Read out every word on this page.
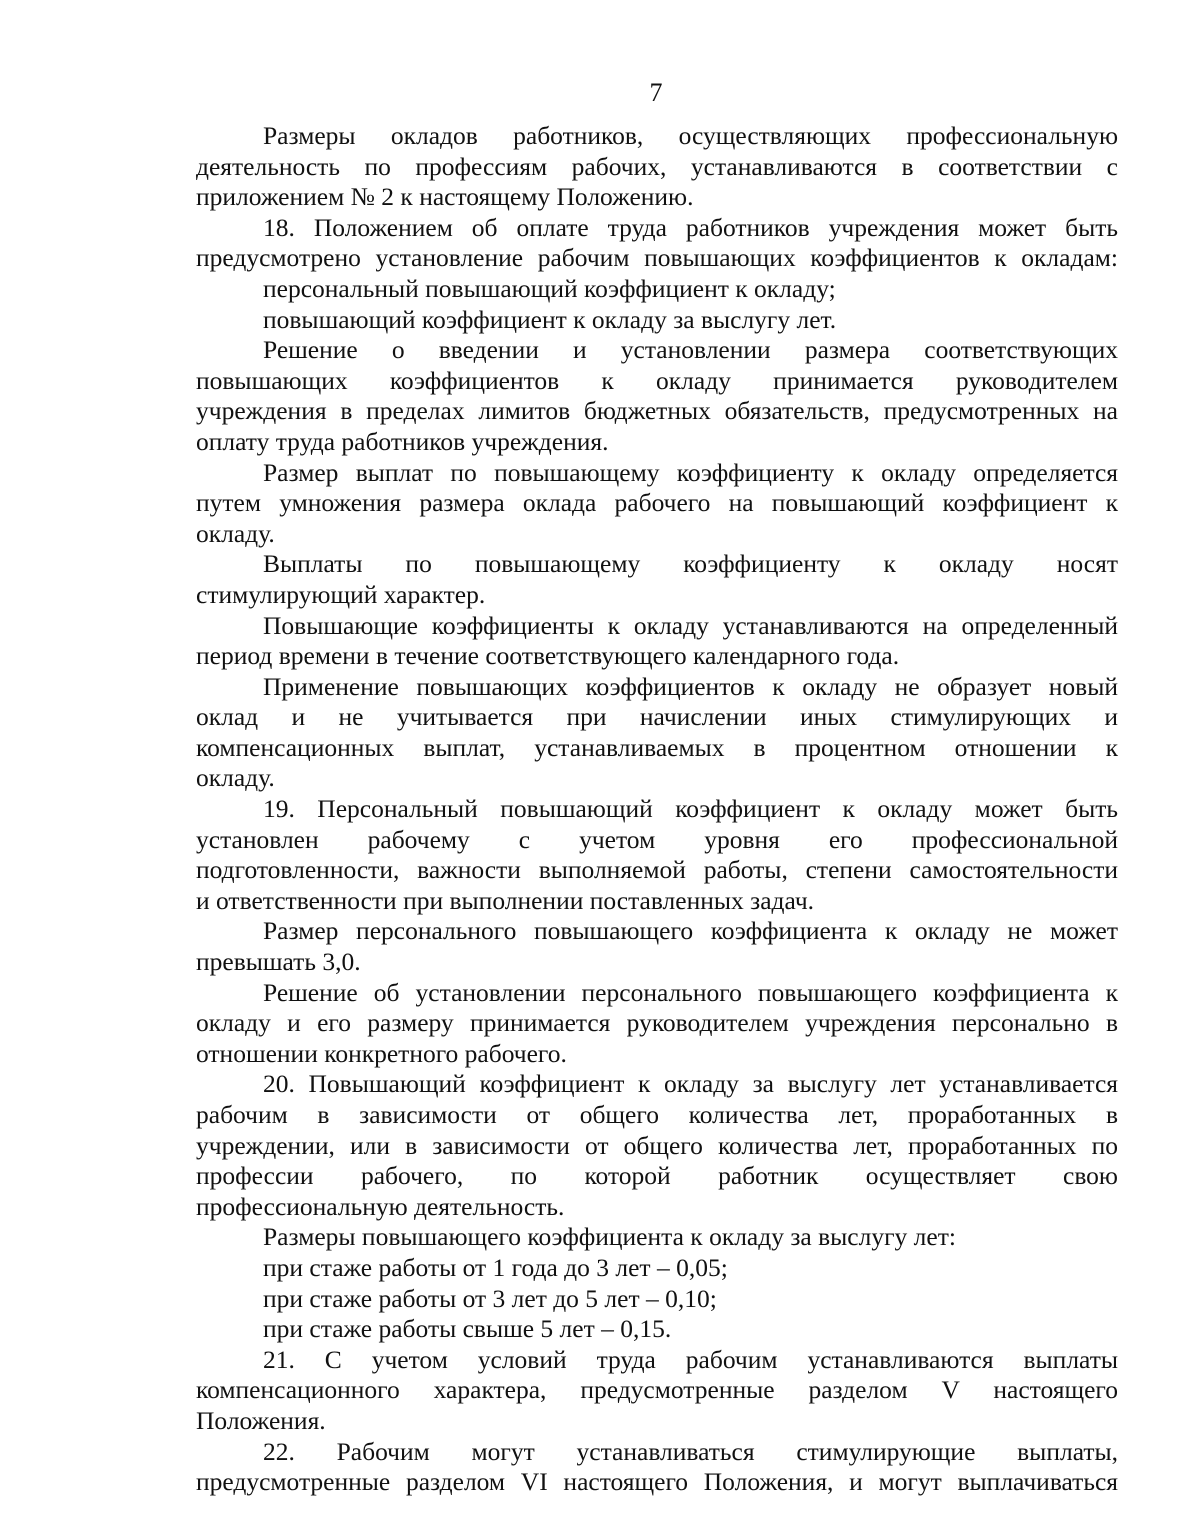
7
Размеры окладов работников, осуществляющих профессиональную
деятельность по профессиям рабочих, устанавливаются в соответствии с
приложением № 2 к настоящему Положению.
18. Положением об оплате труда работников учреждения может быть
предусмотрено установление рабочим повышающих коэффициентов к окладам:
персональный повышающий коэффициент к окладу;
повышающий коэффициент к окладу за выслугу лет.
Решение о введении и установлении размера соответствующих
повышающих коэффициентов к окладу принимается руководителем
учреждения в пределах лимитов бюджетных обязательств, предусмотренных на
оплату труда работников учреждения.
Размер выплат по повышающему коэффициенту к окладу определяется
путем умножения размера оклада рабочего на повышающий коэффициент к
окладу.
Выплаты по повышающему коэффициенту к окладу носят
стимулирующий характер.
Повышающие коэффициенты к окладу устанавливаются на определенный
период времени в течение соответствующего календарного года.
Применение повышающих коэффициентов к окладу не образует новый
оклад и не учитывается при начислении иных стимулирующих и
компенсационных выплат, устанавливаемых в процентном отношении к
окладу.
19. Персональный повышающий коэффициент к окладу может быть
установлен рабочему с учетом уровня его профессиональной
подготовленности, важности выполняемой работы, степени самостоятельности
и ответственности при выполнении поставленных задач.
Размер персонального повышающего коэффициента к окладу не может
превышать 3,0.
Решение об установлении персонального повышающего коэффициента к
окладу и его размеру принимается руководителем учреждения персонально в
отношении конкретного рабочего.
20. Повышающий коэффициент к окладу за выслугу лет устанавливается
рабочим в зависимости от общего количества лет, проработанных в
учреждении, или в зависимости от общего количества лет, проработанных по
профессии рабочего, по которой работник осуществляет свою
профессиональную деятельность.
Размеры повышающего коэффициента к окладу за выслугу лет:
при стаже работы от 1 года до 3 лет – 0,05;
при стаже работы от 3 лет до 5 лет – 0,10;
при стаже работы свыше 5 лет – 0,15.
21. С учетом условий труда рабочим устанавливаются выплаты
компенсационного характера, предусмотренные разделом V настоящего
Положения.
22. Рабочим могут устанавливаться стимулирующие выплаты,
предусмотренные разделом VI настоящего Положения, и могут выплачиваться
